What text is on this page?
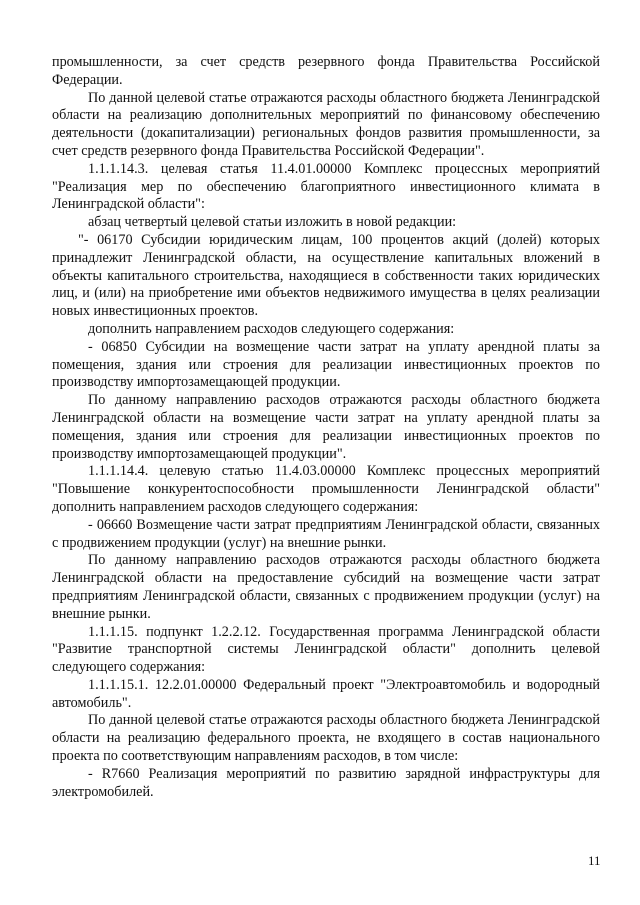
промышленности, за счет средств резервного фонда Правительства Российской Федерации.

По данной целевой статье отражаются расходы областного бюджета Ленинградской области на реализацию дополнительных мероприятий по финансовому обеспечению деятельности (докапитализации) региональных фондов развития промышленности, за счет средств резервного фонда Правительства Российской Федерации".

1.1.1.14.3. целевая статья 11.4.01.00000 Комплекс процессных мероприятий "Реализация мер по обеспечению благоприятного инвестиционного климата в Ленинградской области":

абзац четвертый целевой статьи изложить в новой редакции:

"- 06170 Субсидии юридическим лицам, 100 процентов акций (долей) которых принадлежит Ленинградской области, на осуществление капитальных вложений в объекты капитального строительства, находящиеся в собственности таких юридических лиц, и (или) на приобретение ими объектов недвижимого имущества в целях реализации новых инвестиционных проектов.

дополнить направлением расходов следующего содержания:

- 06850 Субсидии на возмещение части затрат на уплату арендной платы за помещения, здания или строения для реализации инвестиционных проектов по производству импортозамещающей продукции.

По данному направлению расходов отражаются расходы областного бюджета Ленинградской области на возмещение части затрат на уплату арендной платы за помещения, здания или строения для реализации инвестиционных проектов по производству импортозамещающей продукции".

1.1.1.14.4. целевую статью 11.4.03.00000 Комплекс процессных мероприятий "Повышение конкурентоспособности промышленности Ленинградской области" дополнить направлением расходов следующего содержания:

- 06660 Возмещение части затрат предприятиям Ленинградской области, связанных с продвижением продукции (услуг) на внешние рынки.

По данному направлению расходов отражаются расходы областного бюджета Ленинградской области на предоставление субсидий на возмещение части затрат предприятиям Ленинградской области, связанных с продвижением продукции (услуг) на внешние рынки.

1.1.1.15. подпункт 1.2.2.12. Государственная программа Ленинградской области "Развитие транспортной системы Ленинградской области" дополнить целевой следующего содержания:

1.1.1.15.1. 12.2.01.00000 Федеральный проект "Электроавтомобиль и водородный автомобиль".

По данной целевой статье отражаются расходы областного бюджета Ленинградской области на реализацию федерального проекта, не входящего в состав национального проекта по соответствующим направлениям расходов, в том числе:

- R7660 Реализация мероприятий по развитию зарядной инфраструктуры для электромобилей.

11
